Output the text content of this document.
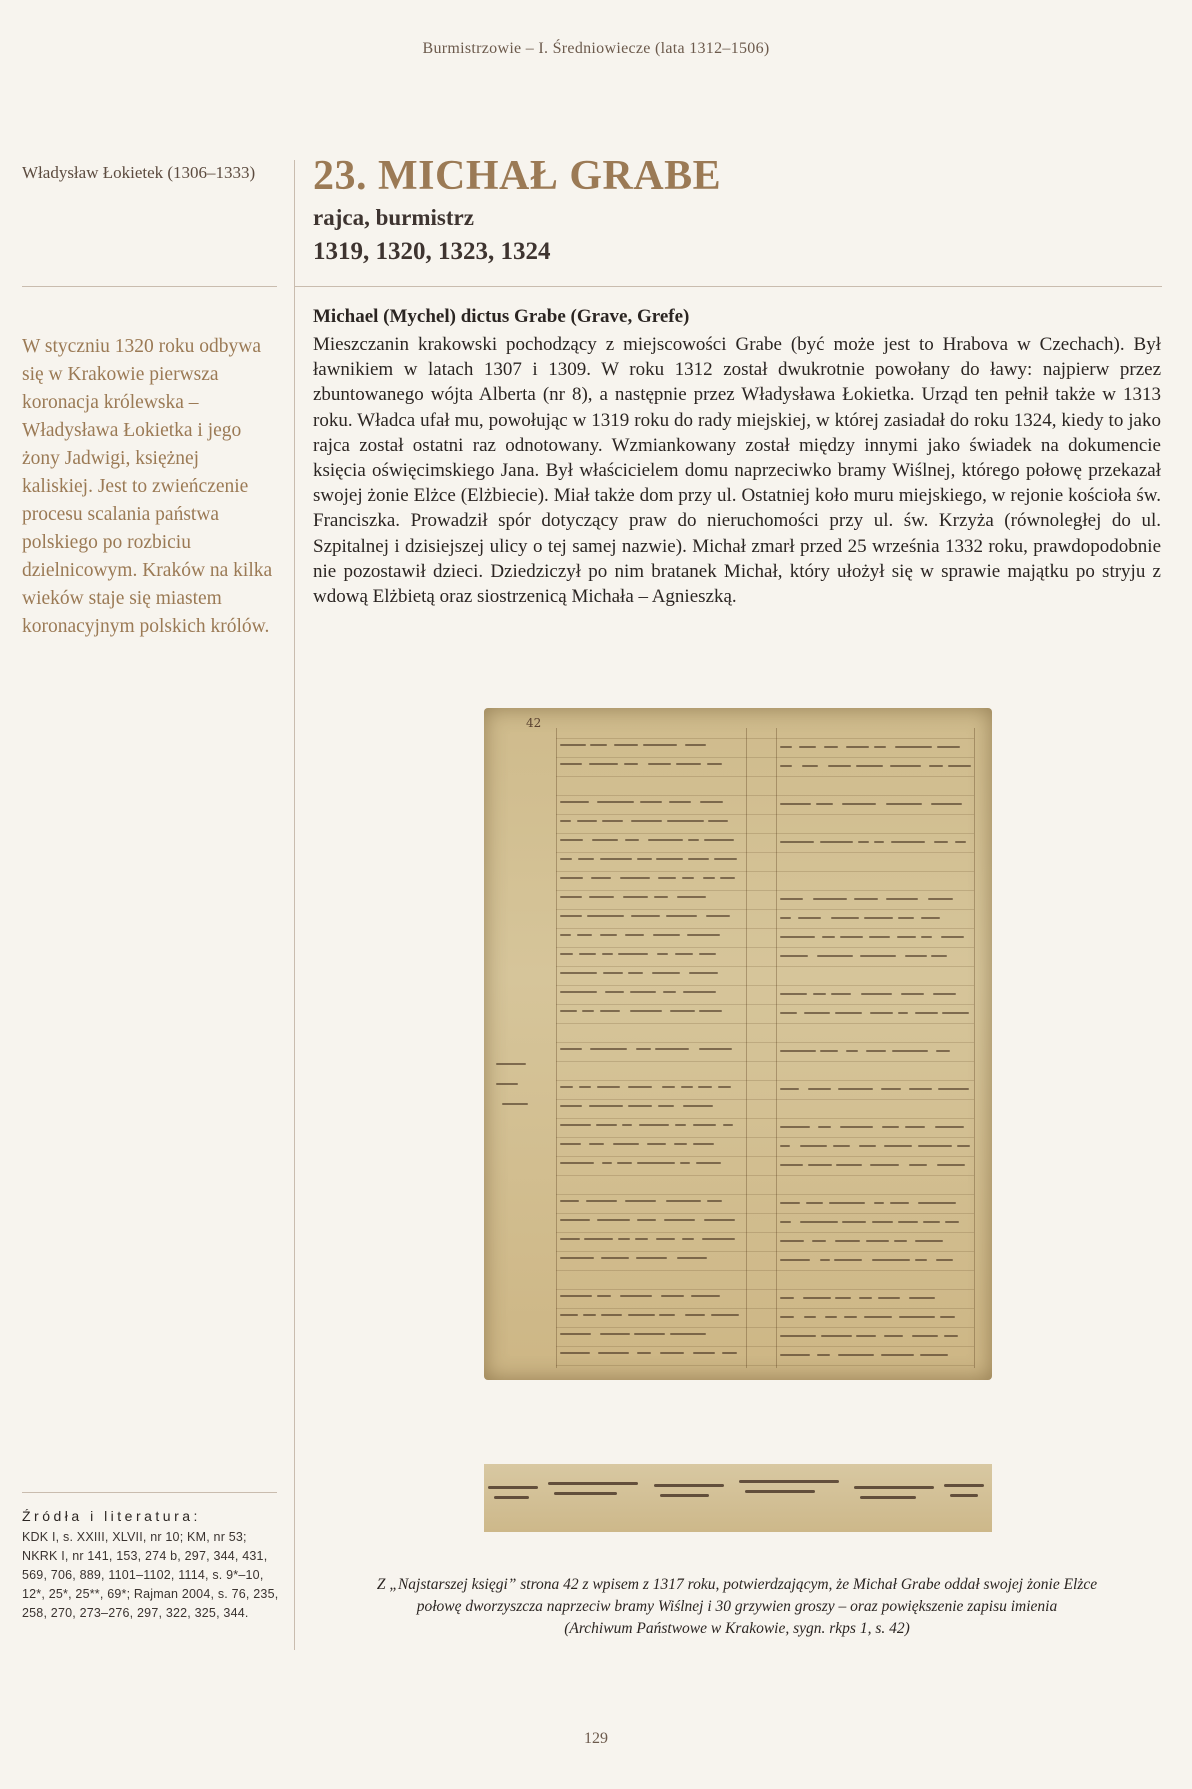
Burmistrzowie – I. Średniowiecze (lata 1312–1506)
Władysław Łokietek (1306–1333)
W styczniu 1320 roku odbywa się w Krakowie pierwsza koronacja królewska – Władysława Łokietka i jego żony Jadwigi, księżnej kaliskiej. Jest to zwieńczenie procesu scalania państwa polskiego po rozbiciu dzielnicowym. Kraków na kilka wieków staje się miastem koronacyjnym polskich królów.
Źródła i literatura:
KDK I, s. XXIII, XLVII, nr 10; KM, nr 53; NKRK I, nr 141, 153, 274 b, 297, 344, 431, 569, 706, 889, 1101–1102, 1114, s. 9*–10, 12*, 25*, 25**, 69*; Rajman 2004, s. 76, 235, 258, 270, 273–276, 297, 322, 325, 344.
23. MICHAŁ GRABE
rajca, burmistrz
1319, 1320, 1323, 1324
Michael (Mychel) dictus Grabe (Grave, Grefe)
Mieszczanin krakowski pochodzący z miejscowości Grabe (być może jest to Hrabova w Czechach). Był ławnikiem w latach 1307 i 1309. W roku 1312 został dwukrotnie powołany do ławy: najpierw przez zbuntowanego wójta Alberta (nr 8), a następnie przez Władysława Łokietka. Urząd ten pełnił także w 1313 roku. Władca ufał mu, powołując w 1319 roku do rady miejskiej, w której zasiadał do roku 1324, kiedy to jako rajca został ostatni raz odnotowany. Wzmiankowany został między innymi jako świadek na dokumencie księcia oświęcimskiego Jana. Był właścicielem domu naprzeciwko bramy Wiślnej, którego połowę przekazał swojej żonie Elżce (Elżbiecie). Miał także dom przy ul. Ostatniej koło muru miejskiego, w rejonie kościoła św. Franciszka. Prowadził spór dotyczący praw do nieruchomości przy ul. św. Krzyża (równoległej do ul. Szpitalnej i dzisiejszej ulicy o tej samej nazwie). Michał zmarł przed 25 września 1332 roku, prawdopodobnie nie pozostawił dzieci. Dziedziczył po nim bratanek Michał, który ułożył się w sprawie majątku po stryju z wdową Elżbietą oraz siostrzenicą Michała – Agnieszką.
42
Z „Najstarszej księgi” strona 42 z wpisem z 1317 roku, potwierdzającym, że Michał Grabe oddał swojej żonie Elżce
połowę dworzyszcza naprzeciw bramy Wiślnej i 30 grzywien groszy – oraz powiększenie zapisu imienia
(Archiwum Państwowe w Krakowie, sygn. rkps 1, s. 42)
129
